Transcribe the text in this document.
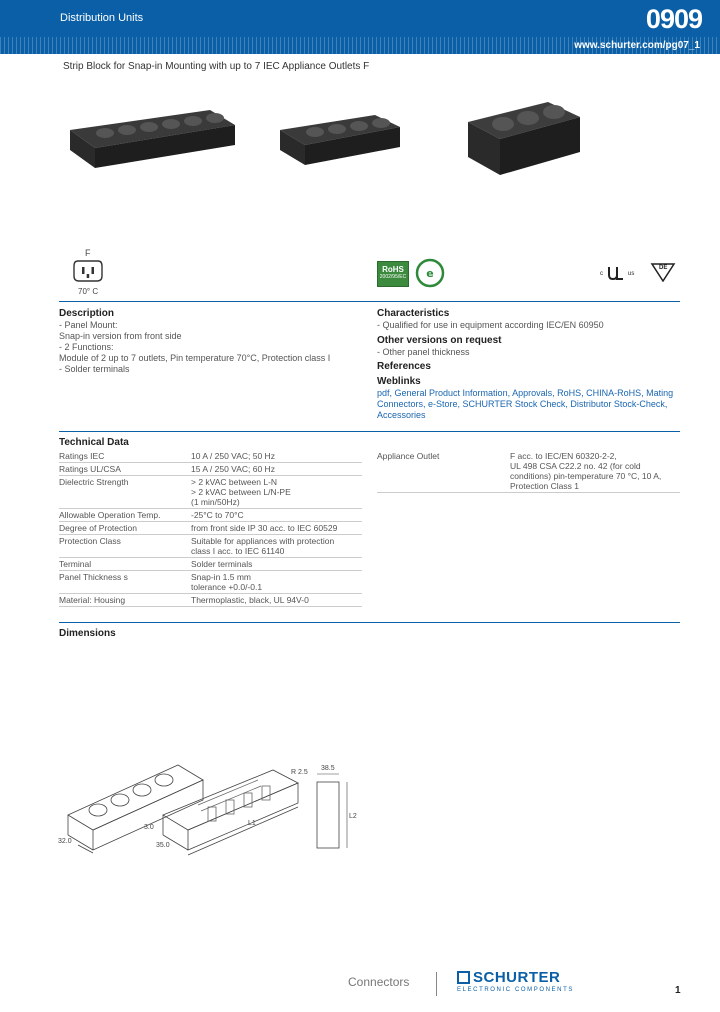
Distribution Units	0909
www.schurter.com/pg07_1
Strip Block for Snap-in Mounting with up to 7 IEC Appliance Outlets F
F
70° C
RoHS
2002/95/EC e	c	us
DE
Description
- Panel Mount:
Snap-in version from front side
- 2 Functions:
Module of 2 up to 7 outlets, Pin temperature 70°C, Protection class I
- Solder terminals
Characteristics
- Qualified for use in equipment according IEC/EN 60950
Other versions on request
- Other panel thickness
References
Weblinks
pdf, General Product Information, Approvals, RoHS, CHINA-RoHS, Mating Connectors, e-Store, SCHURTER Stock Check, Distributor Stock-Check, Accessories
Technical Data
Ratings IEC	10 A / 250 VAC; 50 Hz
Ratings UL/CSA	15 A / 250 VAC; 60 Hz
Dielectric Strength	> 2 kVAC between L-N
> 2 kVAC between L/N-PE
(1 min/50Hz)
Allowable Operation Temp.	-25°C to 70°C
Degree of Protection	from front side IP 30 acc. to IEC 60529
Protection Class	Suitable for appliances with protection
class I acc. to IEC 61140
Terminal	Solder terminals
Panel Thickness s	Snap-in 1.5 mm
tolerance +0.0/-0.1
Material: Housing	Thermoplastic, black, UL 94V-0
Appliance Outlet	F acc. to IEC/EN 60320-2-2,
UL 498 CSA C22.2 no. 42 (for cold
conditions) pin-temperature 70 °C, 10 A,
Protection Class 1
Dimensions
32.0
3.0
35.0
L1
R 2.5
38.5
L2
Connectors	SCHURTER
ELECTRONIC COMPONENTS	1
